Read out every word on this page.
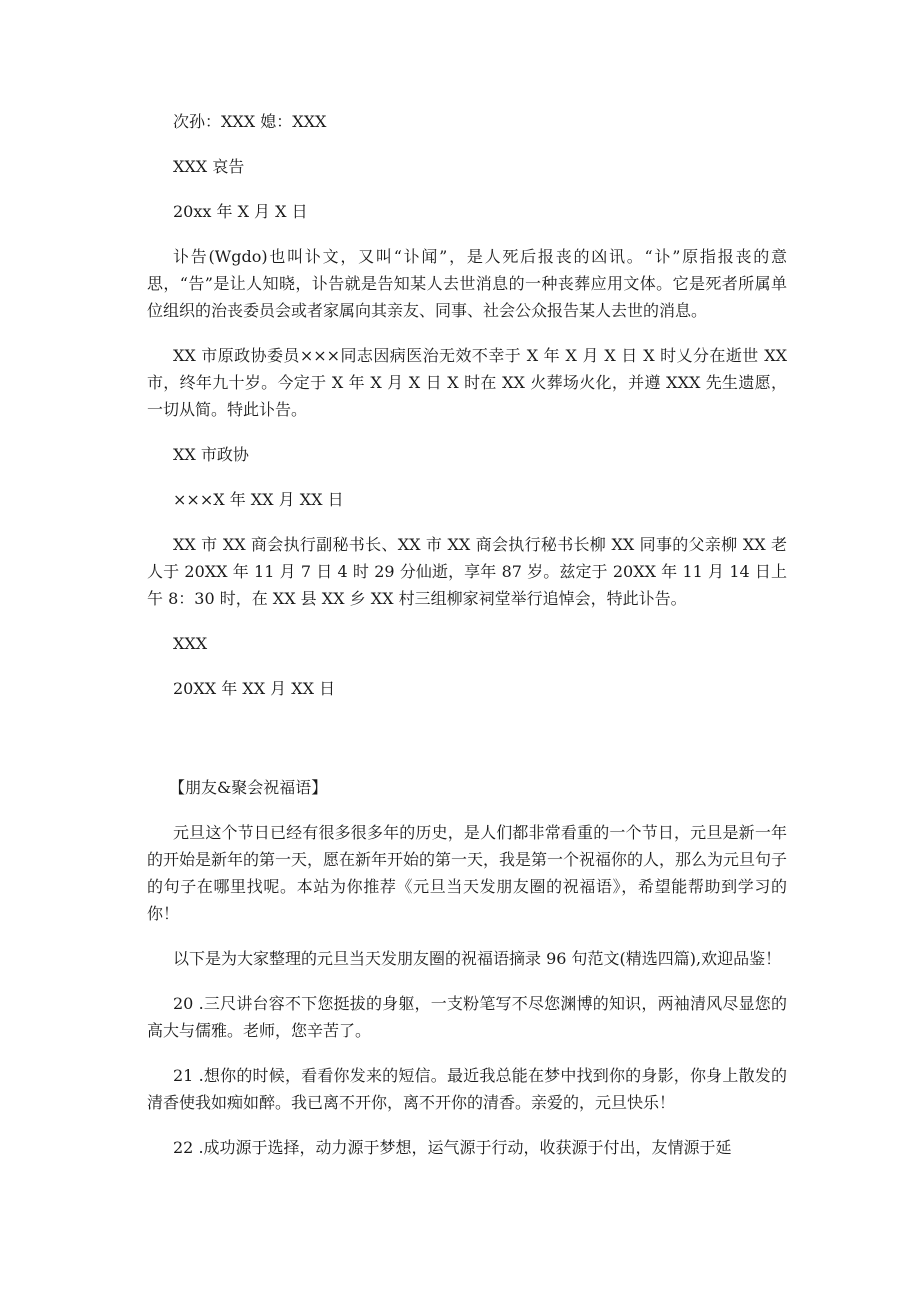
次孙：XXX 媳：XXX

XXX 哀告

20xx 年 X 月 X 日

讣告(Wgdo)也叫讣文，又叫“讣闻”，是人死后报丧的凶讯。“讣”原指报丧的意思，“告”是让人知晓，讣告就是告知某人去世消息的一种丧葬应用文体。它是死者所属单位组织的治丧委员会或者家属向其亲友、同事、社会公众报告某人去世的消息。

XX 市原政协委员×××同志因病医治无效不幸于 X 年 X 月 X 日 X 时乂分在逝世 XX 市，终年九十岁。今定于 X 年 X 月 X 日 X 时在 XX 火葬场火化，并遵 XXX 先生遗愿，一切从简。特此讣告。

XX 市政协

×××X 年 XX 月 XX 日

XX 市 XX 商会执行副秘书长、XX 市 XX 商会执行秘书长柳 XX 同事的父亲柳 XX 老人于 20XX 年 11 月 7 日 4 时 29 分仙逝，享年 87 岁。兹定于 20XX 年 11 月 14 日上午 8：30 时，在 XX 县 XX 乡 XX 村三组柳家祠堂举行追悼会，特此讣告。

XXX

20XX 年 XX 月 XX 日

【朋友&聚会祝福语】

元旦这个节日已经有很多很多年的历史，是人们都非常看重的一个节日，元旦是新一年的开始是新年的第一天，愿在新年开始的第一天，我是第一个祝福你的人，那么为元旦句子的句子在哪里找呢。本站为你推荐《元旦当天发朋友圈的祝福语》，希望能帮助到学习的你！

以下是为大家整理的元旦当天发朋友圈的祝福语摘录 96 句范文(精选四篇),欢迎品鉴！

20 .三尺讲台容不下您挺拔的身躯，一支粉笔写不尽您渊博的知识，两袖清风尽显您的高大与儒雅。老师，您辛苦了。

21 .想你的时候，看看你发来的短信。最近我总能在梦中找到你的身影，你身上散发的清香使我如痴如醉。我已离不开你，离不开你的清香。亲爱的，元旦快乐！

22 .成功源于选择，动力源于梦想，运气源于行动，收获源于付出，友情源于延
